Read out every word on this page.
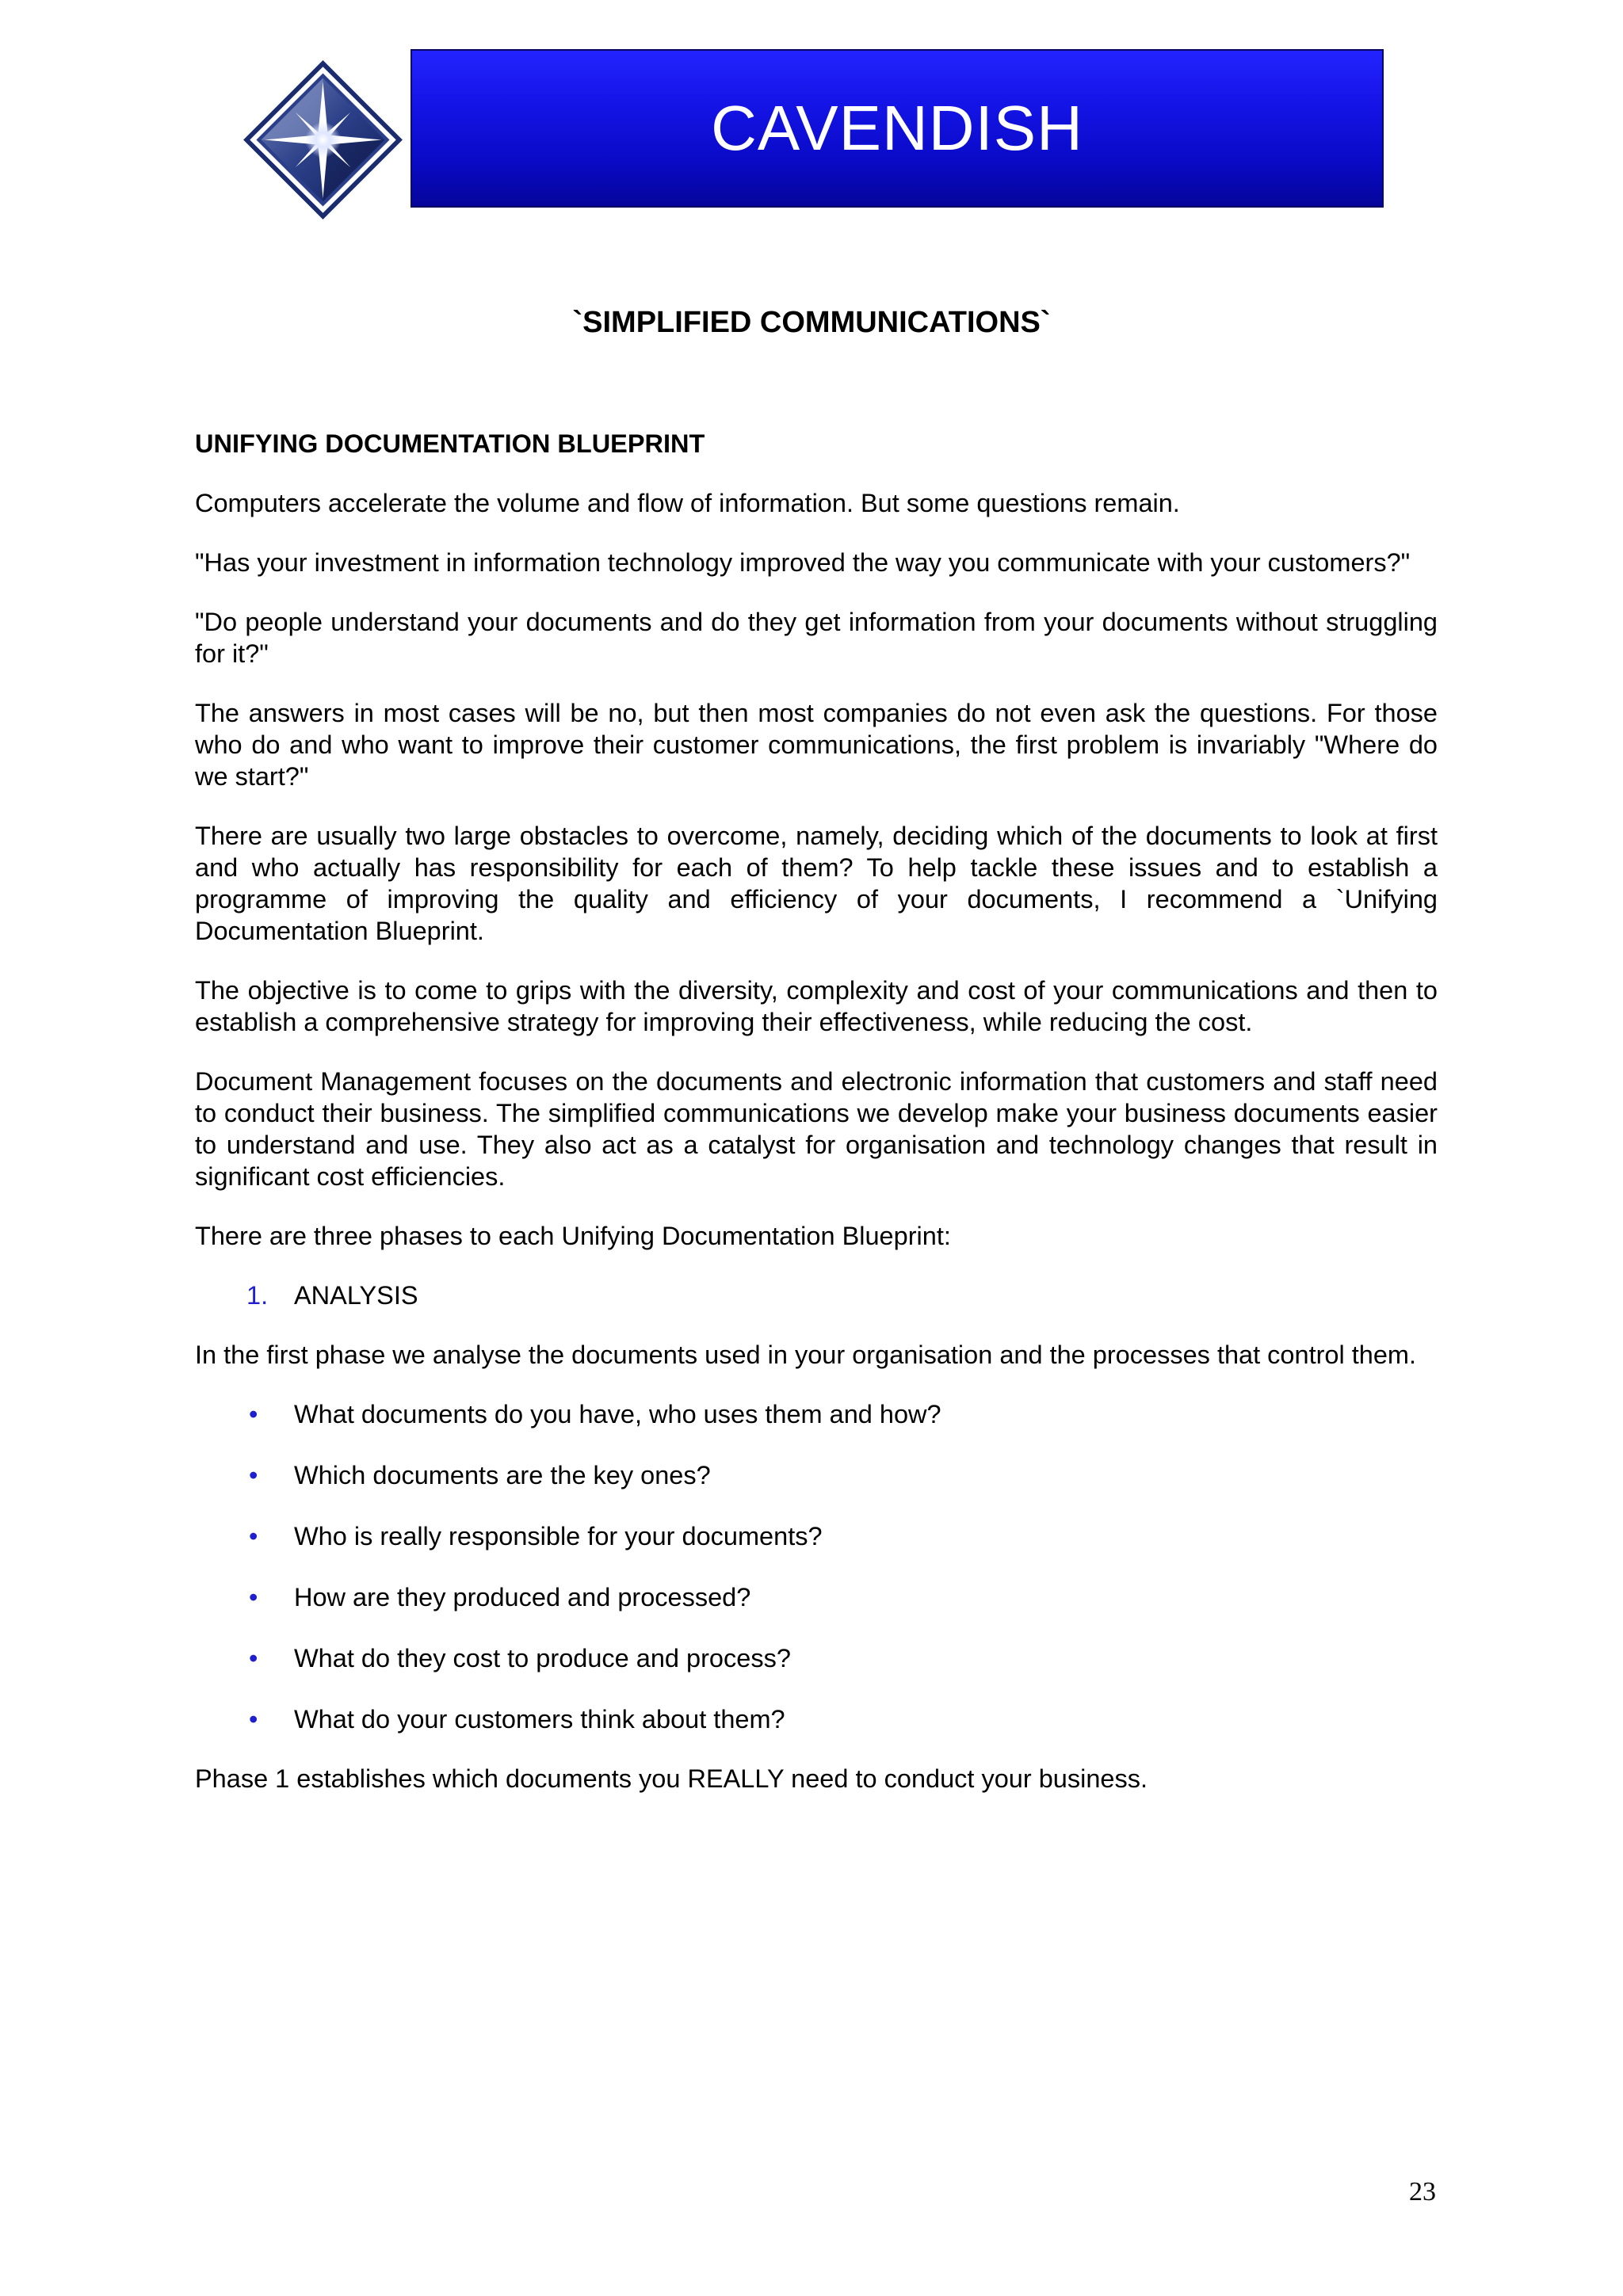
CAVENDISH
`SIMPLIFIED COMMUNICATIONS`
UNIFYING DOCUMENTATION BLUEPRINT

Computers accelerate the volume and flow of information. But some questions remain.

"Has your investment in information technology improved the way you communicate with your customers?"

"Do people understand your documents and do they get information from your documents without struggling for it?"

The answers in most cases will be no, but then most companies do not even ask the questions. For those who do and who want to improve their customer communications, the first problem is invariably "Where do we start?"

There are usually two large obstacles to overcome, namely, deciding which of the documents to look at first and who actually has responsibility for each of them? To help tackle these issues and to establish a programme of improving the quality and efficiency of your documents, I recommend a `Unifying Documentation Blueprint.

The objective is to come to grips with the diversity, complexity and cost of your communications and then to establish a comprehensive strategy for improving their effectiveness, while reducing the cost.

Document Management focuses on the documents and electronic information that customers and staff need to conduct their business. The simplified communications we develop make your business documents easier to understand and use. They also act as a catalyst for organisation and technology changes that result in significant cost efficiencies.

There are three phases to each Unifying Documentation Blueprint:

1.	ANALYSIS

In the first phase we analyse the documents used in your organisation and the processes that control them.

•	What documents do you have, who uses them and how?
•	Which documents are the key ones?
•	Who is really responsible for your documents?
•	How are they produced and processed?
•	What do they cost to produce and process?
•	What do your customers think about them?

Phase 1 establishes which documents you REALLY need to conduct your business.

23
